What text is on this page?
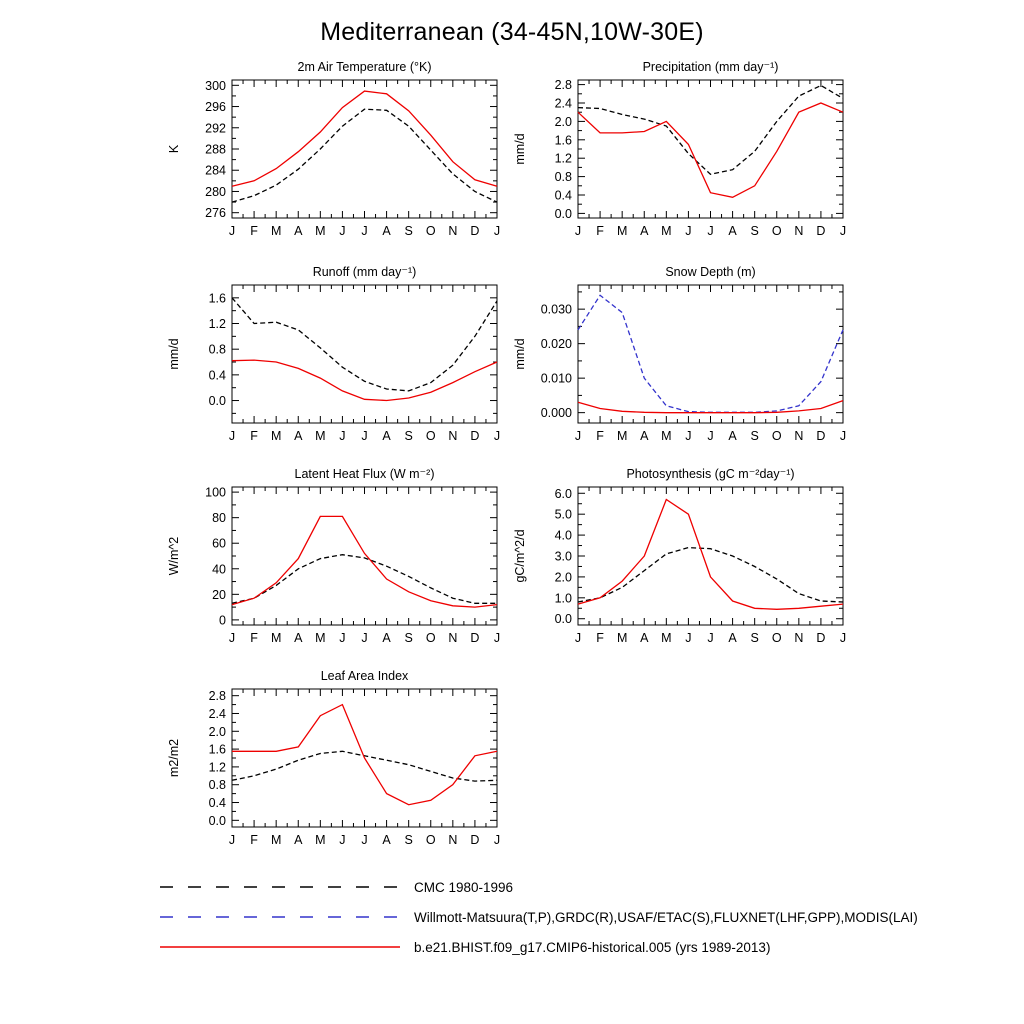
Mediterranean (34-45N,10W-30E)
2m Air Temperature (°K)
K
J F M A M J J A S O N D J
276
280
284
288
292
296
300
Precipitation (mm day⁻¹)
mm/d
J F M A M J J A S O N D J
0.0
0.4
0.8
1.2
1.6
2.0
2.4
2.8
Runoff (mm day⁻¹)
mm/d
J F M A M J J A S O N D J
0.0
0.4
0.8
1.2
1.6
Snow Depth (m)
mm/d
J F M A M J J A S O N D J
0.000
0.010
0.020
0.030
Latent Heat Flux (W m⁻²)
W/m^2
J F M A M J J A S O N D J
0
20
40
60
80
100
Photosynthesis (gC m⁻²day⁻¹)
gC/m^2/d
J F M A M J J A S O N D J
0.0
1.0
2.0
3.0
4.0
5.0
6.0
Leaf Area Index
m2/m2
J F M A M J J A S O N D J
0.0
0.4
0.8
1.2
1.6
2.0
2.4
2.8
CMC 1980-1996
Willmott-Matsuura(T,P),GRDC(R),USAF/ETAC(S),FLUXNET(LHF,GPP),MODIS(LAI)
b.e21.BHIST.f09_g17.CMIP6-historical.005 (yrs 1989-2013)
